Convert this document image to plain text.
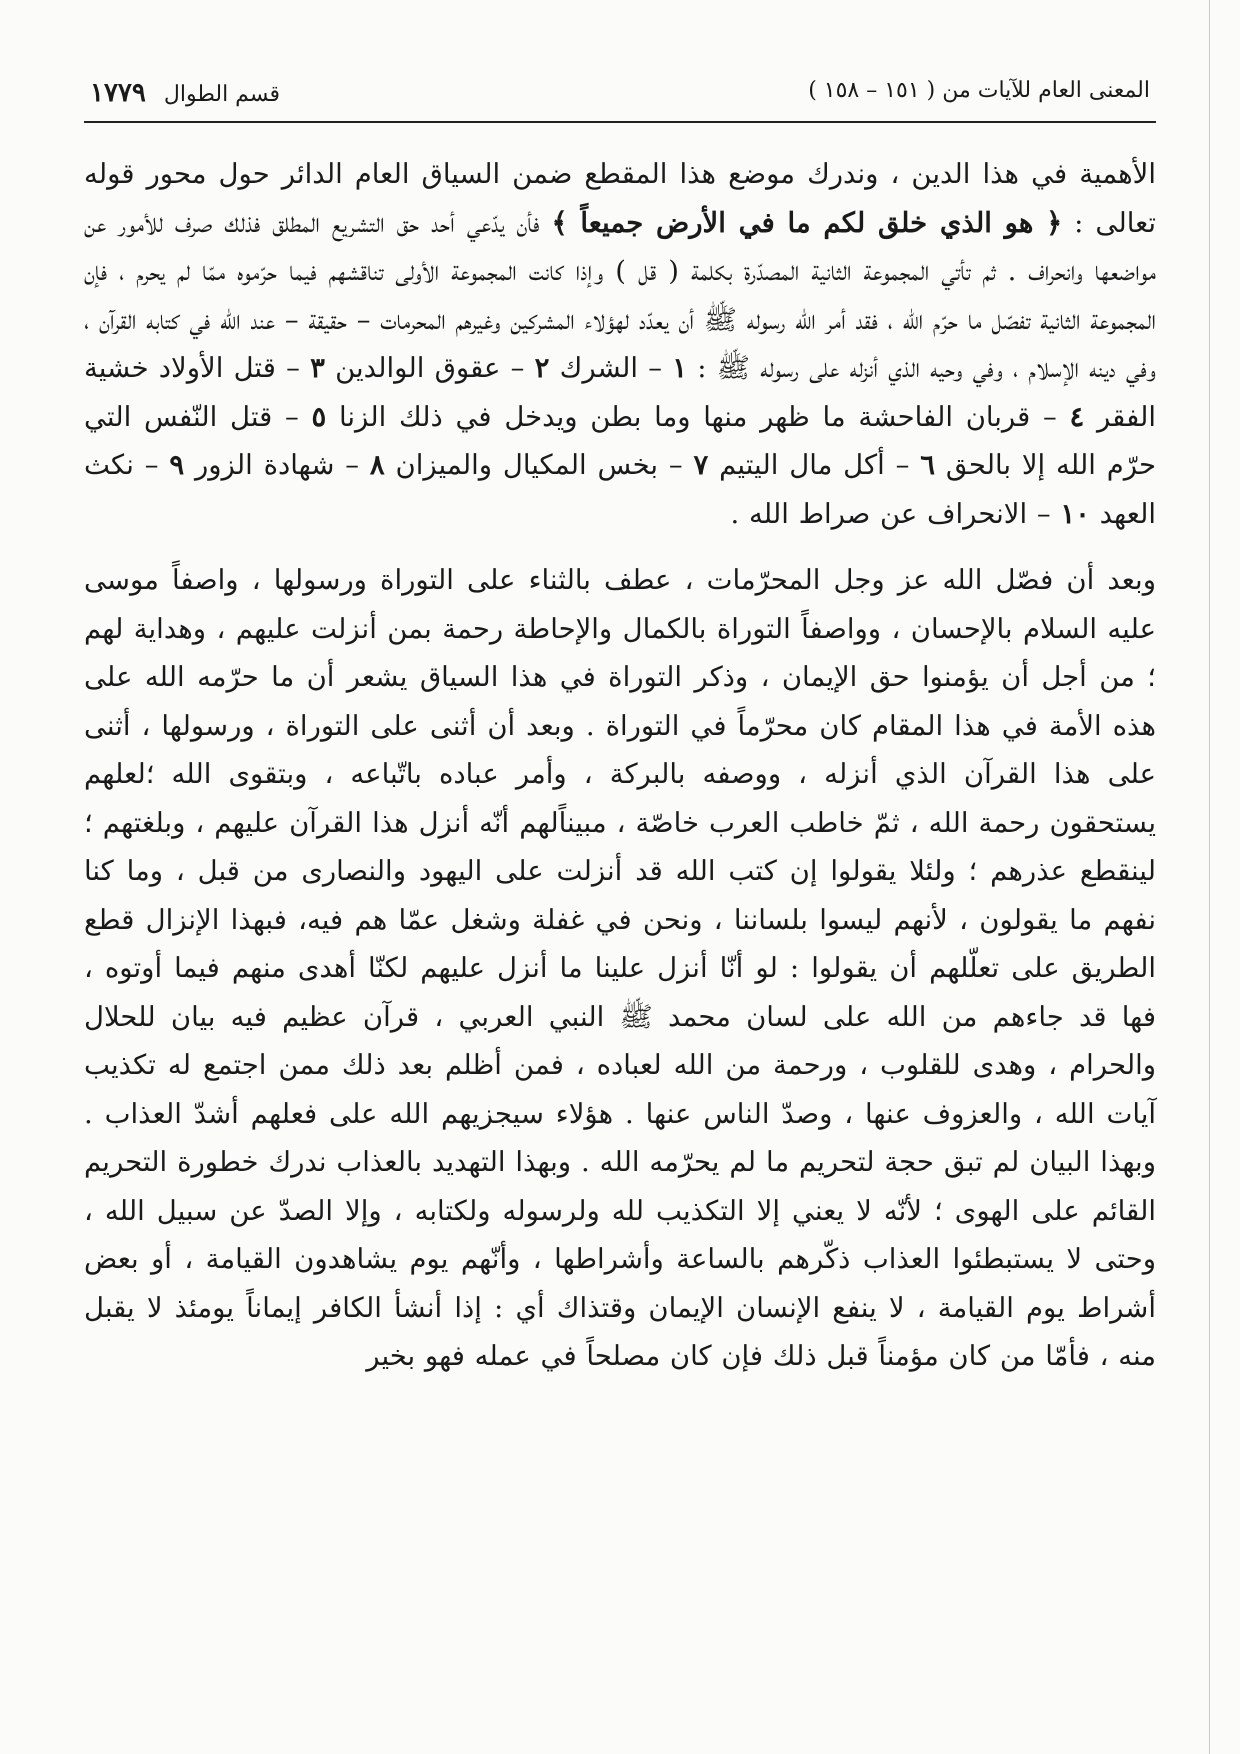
المعنى العام للآيات من ( ١٥١ – ١٥٨ )
قسم الطوال١٧٧٩

الأهمية في هذا الدين ، وندرك موضع هذا المقطع ضمن السياق العام الدائر حول محور قوله تعالى : ﴿ هو الذي خلق لكم ما في الأرض جميعاً ﴾ فأن يدّعي أحد حق التشريع المطلق فذلك صرف للأمور عن مواضعها وانحراف . ثم تأتي المجموعة الثانية المصدّرة بكلمة ( قل ) وإذا كانت المجموعة الأولى تناقشهم فيما حرّموه ممّا لم يحرم ، فإن المجموعة الثانية تفصّل ما حرّم الله ، فقد أمر الله رسوله ﷺ أن يعدّد لهؤلاء المشركين وغيرهم المحرمات – حقيقة – عند الله في كتابه القرآن ، وفي دينه الإسلام ، وفي وحيه الذي أنزله على رسوله ﷺ : ١ – الشرك ٢ – عقوق الوالدين ٣ – قتل الأولاد خشية الفقر ٤ – قربان الفاحشة ما ظهر منها وما بطن ويدخل في ذلك الزنا ٥ – قتل النّفس التي حرّم الله إلا بالحق ٦ – أكل مال اليتيم ٧ – بخس المكيال والميزان ٨ – شهادة الزور ٩ – نكث العهد ١٠ – الانحراف عن صراط الله .

وبعد أن فصّل الله عز وجل المحرّمات ، عطف بالثناء على التوراة ورسولها ، واصفاً موسى عليه السلام بالإحسان ، وواصفاً التوراة بالكمال والإحاطة رحمة بمن أنزلت عليهم ، وهداية لهم ؛ من أجل أن يؤمنوا حق الإيمان ، وذكر التوراة في هذا السياق يشعر أن ما حرّمه الله على هذه الأمة في هذا المقام كان محرّماً في التوراة . وبعد أن أثنى على التوراة ، ورسولها ، أثنى على هذا القرآن الذي أنزله ، ووصفه بالبركة ، وأمر عباده باتّباعه ، وبتقوى الله ؛لعلهم يستحقون رحمة الله ، ثمّ خاطب العرب خاصّة ، مبيناًلهم أنّه أنزل هذا القرآن عليهم ، وبلغتهم ؛ لينقطع عذرهم ؛ ولئلا يقولوا إن كتب الله قد أنزلت على اليهود والنصارى من قبل ، وما كنا نفهم ما يقولون ، لأنهم ليسوا بلساننا ، ونحن في غفلة وشغل عمّا هم فيه، فبهذا الإنزال قطع الطريق على تعلّلهم أن يقولوا : لو أنّا أنزل علينا ما أنزل عليهم لكنّا أهدى منهم فيما أوتوه ، فها قد جاءهم من الله على لسان محمد ﷺ النبي العربي ، قرآن عظيم فيه بيان للحلال والحرام ، وهدى للقلوب ، ورحمة من الله لعباده ، فمن أظلم بعد ذلك ممن اجتمع له تكذيب آيات الله ، والعزوف عنها ، وصدّ الناس عنها . هؤلاء سيجزيهم الله على فعلهم أشدّ العذاب . وبهذا البيان لم تبق حجة لتحريم ما لم يحرّمه الله . وبهذا التهديد بالعذاب ندرك خطورة التحريم القائم على الهوى ؛ لأنّه لا يعني إلا التكذيب لله ولرسوله ولكتابه ، وإلا الصدّ عن سبيل الله ، وحتى لا يستبطئوا العذاب ذكّرهم بالساعة وأشراطها ، وأنّهم يوم يشاهدون القيامة ، أو بعض أشراط يوم القيامة ، لا ينفع الإنسان الإيمان وقتذاك أي : إذا أنشأ الكافر إيماناً يومئذ لا يقبل منه ، فأمّا من كان مؤمناً قبل ذلك فإن كان مصلحاً في عمله فهو بخير
